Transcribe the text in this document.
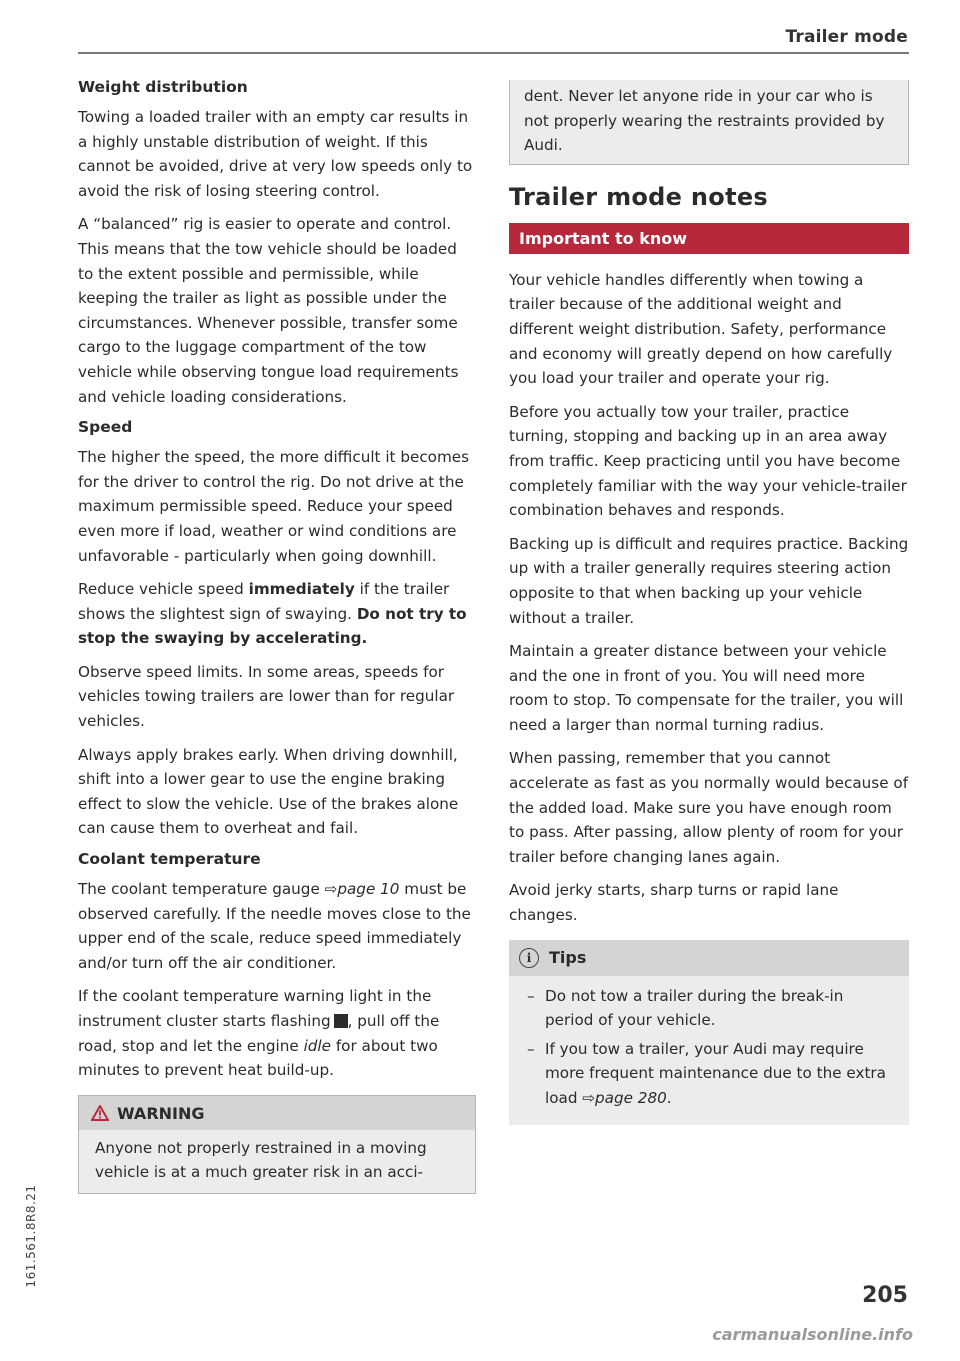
Trailer mode
Weight distribution

Towing a loaded trailer with an empty car results in a highly unstable distribution of weight. If this cannot be avoided, drive at very low speeds only to avoid the risk of losing steering control.

A “balanced” rig is easier to operate and control. This means that the tow vehicle should be loaded to the extent possible and permissible, while keeping the trailer as light as possible under the circumstances. Whenever possible, transfer some cargo to the luggage compartment of the tow vehicle while observing tongue load requirements and vehicle loading considerations.

Speed

The higher the speed, the more difficult it becomes for the driver to control the rig. Do not drive at the maximum permissible speed. Reduce your speed even more if load, weather or wind conditions are unfavorable - particularly when going downhill.

Reduce vehicle speed immediately if the trailer shows the slightest sign of swaying. Do not try to stop the swaying by accelerating.

Observe speed limits. In some areas, speeds for vehicles towing trailers are lower than for regular vehicles.

Always apply brakes early. When driving downhill, shift into a lower gear to use the engine braking effect to slow the vehicle. Use of the brakes alone can cause them to overheat and fail.

Coolant temperature

The coolant temperature gauge ⇨page 10 must be observed carefully. If the needle moves close to the upper end of the scale, reduce speed immediately and/or turn off the air conditioner.

If the coolant temperature warning light in the instrument cluster starts flashing , pull off the road, stop and let the engine idle for about two minutes to prevent heat build-up.

WARNING
Anyone not properly restrained in a moving vehicle is at a much greater risk in an acci-
dent. Never let anyone ride in your car who is not properly wearing the restraints provided by Audi.
Trailer mode notes
Important to know

Your vehicle handles differently when towing a trailer because of the additional weight and different weight distribution. Safety, performance and economy will greatly depend on how carefully you load your trailer and operate your rig.

Before you actually tow your trailer, practice turning, stopping and backing up in an area away from traffic. Keep practicing until you have become completely familiar with the way your vehicle-trailer combination behaves and responds.

Backing up is difficult and requires practice. Backing up with a trailer generally requires steering action opposite to that when backing up your vehicle without a trailer.

Maintain a greater distance between your vehicle and the one in front of you. You will need more room to stop. To compensate for the trailer, you will need a larger than normal turning radius.

When passing, remember that you cannot accelerate as fast as you normally would because of the added load. Make sure you have enough room to pass. After passing, allow plenty of room for your trailer before changing lanes again.

Avoid jerky starts, sharp turns or rapid lane changes.

i	Tips
– Do not tow a trailer during the break-in period of your vehicle.
– If you tow a trailer, your Audi may require more frequent maintenance due to the extra load ⇨page 280.
161.561.8R8.21
205
carmanualsonline.info
